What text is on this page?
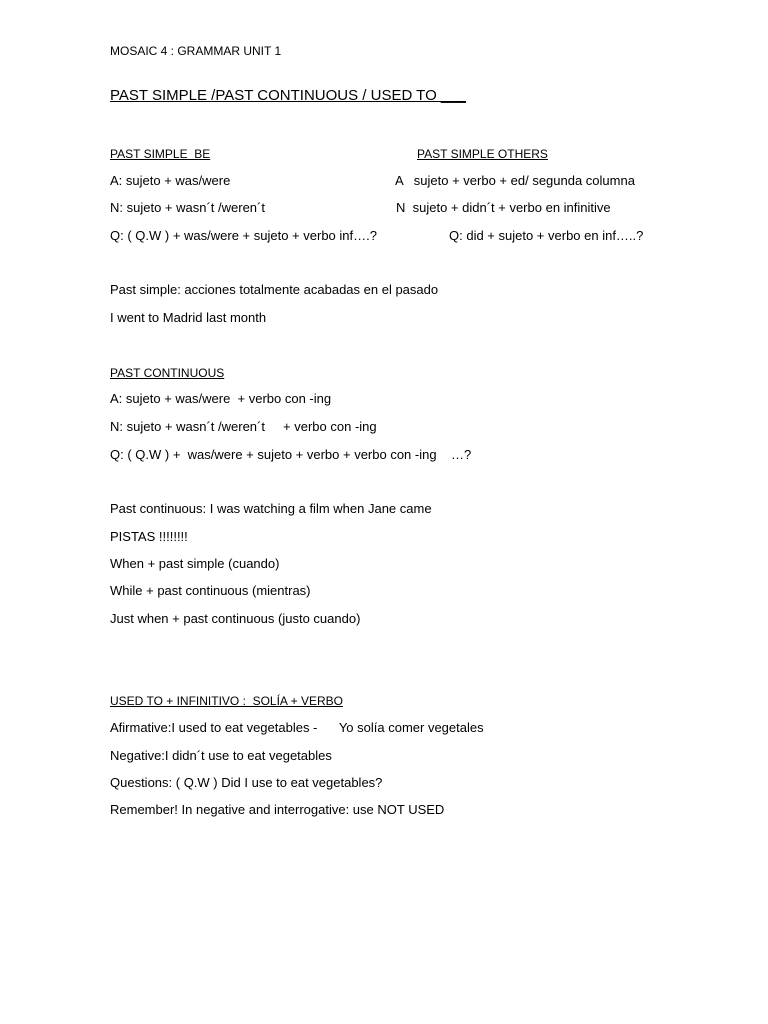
MOSAIC 4 : GRAMMAR UNIT 1
PAST SIMPLE /PAST CONTINUOUS / USED TO ___
PAST SIMPLE  BE	PAST SIMPLE OTHERS
A: sujeto + was/were	A   sujeto + verbo + ed/ segunda columna
N: sujeto + wasn´t /weren´t	N  sujeto + didn´t + verbo en infinitive
Q: ( Q.W ) + was/were + sujeto + verbo inf….?	Q: did + sujeto + verbo en inf…..?
Past simple: acciones totalmente acabadas en el pasado
I went to Madrid last month
PAST CONTINUOUS
A: sujeto + was/were  + verbo con -ing
N: sujeto + wasn´t /weren´t     + verbo con -ing
Q: ( Q.W ) +  was/were + sujeto + verbo + verbo con -ing    …?
Past continuous: I was watching a film when Jane came
PISTAS !!!!!!!!
When + past simple (cuando)
While + past continuous (mientras)
Just when + past continuous (justo cuando)
USED TO + INFINITIVO :  SOLÍA + VERBO
Afirmative:I used to eat vegetables -      Yo solía comer vegetales
Negative:I didn´t use to eat vegetables
Questions: ( Q.W ) Did I use to eat vegetables?
Remember! In negative and interrogative: use NOT USED
